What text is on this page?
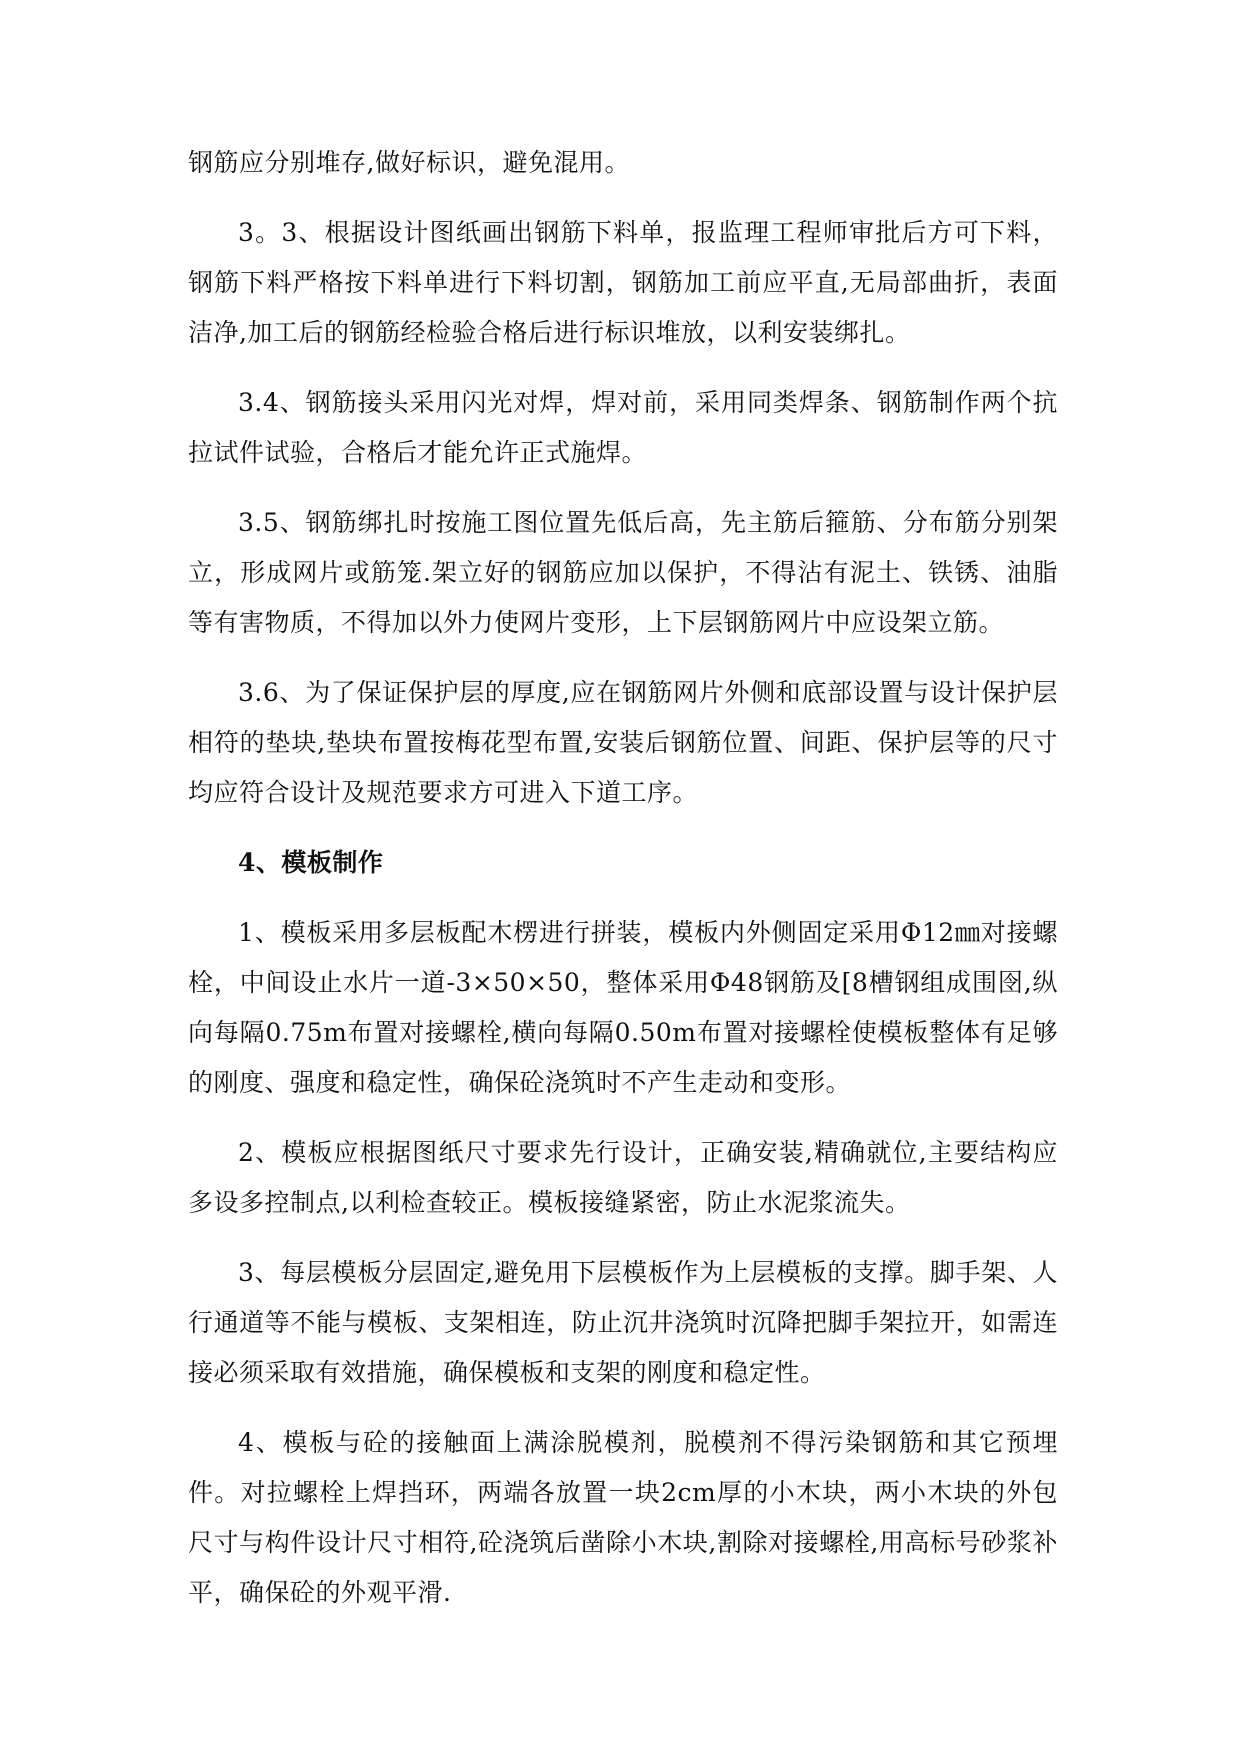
钢筋应分别堆存,做好标识，避免混用。

3。3、根据设计图纸画出钢筋下料单，报监理工程师审批后方可下料，钢筋下料严格按下料单进行下料切割，钢筋加工前应平直,无局部曲折，表面洁净,加工后的钢筋经检验合格后进行标识堆放，以利安装绑扎。

3.4、钢筋接头采用闪光对焊，焊对前，采用同类焊条、钢筋制作两个抗拉试件试验，合格后才能允许正式施焊。

3.5、钢筋绑扎时按施工图位置先低后高，先主筋后箍筋、分布筋分别架立，形成网片或筋笼.架立好的钢筋应加以保护，不得沾有泥土、铁锈、油脂等有害物质，不得加以外力使网片变形，上下层钢筋网片中应设架立筋。

3.6、为了保证保护层的厚度,应在钢筋网片外侧和底部设置与设计保护层相符的垫块,垫块布置按梅花型布置,安装后钢筋位置、间距、保护层等的尺寸均应符合设计及规范要求方可进入下道工序。

4、模板制作

1、模板采用多层板配木楞进行拼装，模板内外侧固定采用Φ12㎜对接螺栓，中间设止水片一道-3×50×50，整体采用Φ48钢筋及[8槽钢组成围囹,纵向每隔0.75m布置对接螺栓,横向每隔0.50m布置对接螺栓使模板整体有足够的刚度、强度和稳定性，确保砼浇筑时不产生走动和变形。

2、模板应根据图纸尺寸要求先行设计，正确安装,精确就位,主要结构应多设多控制点,以利检查较正。模板接缝紧密，防止水泥浆流失。

3、每层模板分层固定,避免用下层模板作为上层模板的支撑。脚手架、人行通道等不能与模板、支架相连，防止沉井浇筑时沉降把脚手架拉开，如需连接必须采取有效措施，确保模板和支架的刚度和稳定性。

4、模板与砼的接触面上满涂脱模剂，脱模剂不得污染钢筋和其它预埋件。对拉螺栓上焊挡环，两端各放置一块2cm厚的小木块，两小木块的外包尺寸与构件设计尺寸相符,砼浇筑后凿除小木块,割除对接螺栓,用高标号砂浆补平，确保砼的外观平滑.
